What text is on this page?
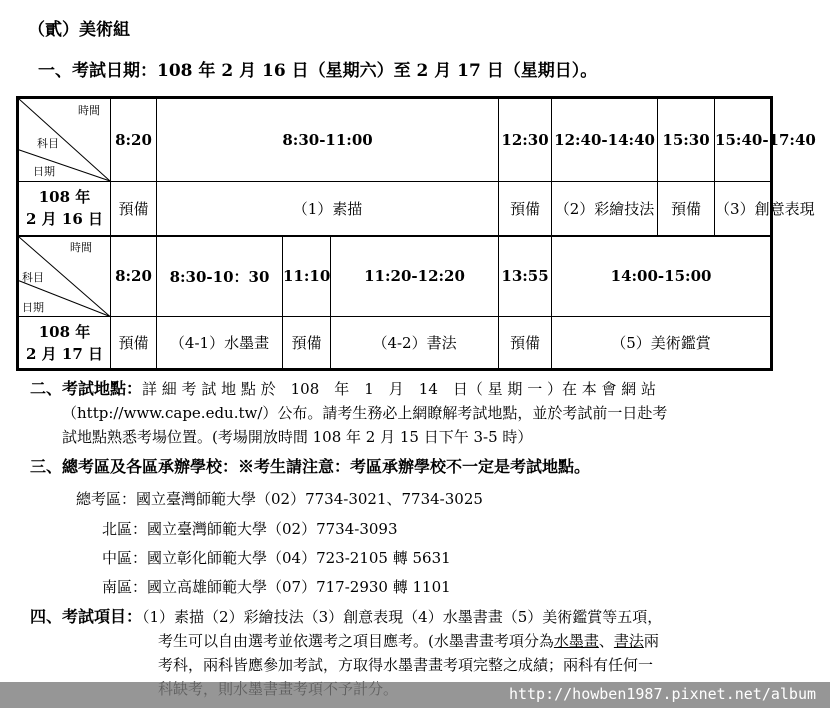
（貳）美術組
一、考試日期：108 年 2 月 16 日（星期六）至 2 月 17 日（星期日）。
時間
科目
日期	8:20	8:30-11:00			12:30	12:40-14:40	15:30	15:40-17:40

108 年
2 月 16 日	預備	（1）素描			預備	（2）彩繪技法	預備	（3）創意表現

時間
科目
日期	8:20	8:30-10：30	11:10	11:20-12:20	13:55	14:00-15:00		

108 年
2 月 17 日	預備	（4-1）水墨畫	預備	（4-2）書法	預備	（5）美術鑑賞		
二、考試地點：詳 細 考 試 地 點 於　108　年　1　月　14　日（ 星 期 一 ）在 本 會 網 站
（http://www.cape.edu.tw/）公布。請考生務必上網瞭解考試地點，並於考試前一日赴考
試地點熟悉考場位置。(考場開放時間 108 年 2 月 15 日下午 3-5 時）
三、總考區及各區承辦學校：※考生請注意：考區承辦學校不一定是考試地點。
總考區：國立臺灣師範大學（02）7734-3021、7734-3025
北區：國立臺灣師範大學（02）7734-3093
中區：國立彰化師範大學（04）723-2105 轉 5631
南區：國立高雄師範大學（07）717-2930 轉 1101
四、考試項目：（1）素描（2）彩繪技法（3）創意表現（4）水墨書畫（5）美術鑑賞等五項，
考生可以自由選考並依選考之項目應考。(水墨書畫考項分為水墨畫、書法兩
考科，兩科皆應參加考試，方取得水墨書畫考項完整之成績；兩科有任何一
http://howben1987.pixnet.net/album
